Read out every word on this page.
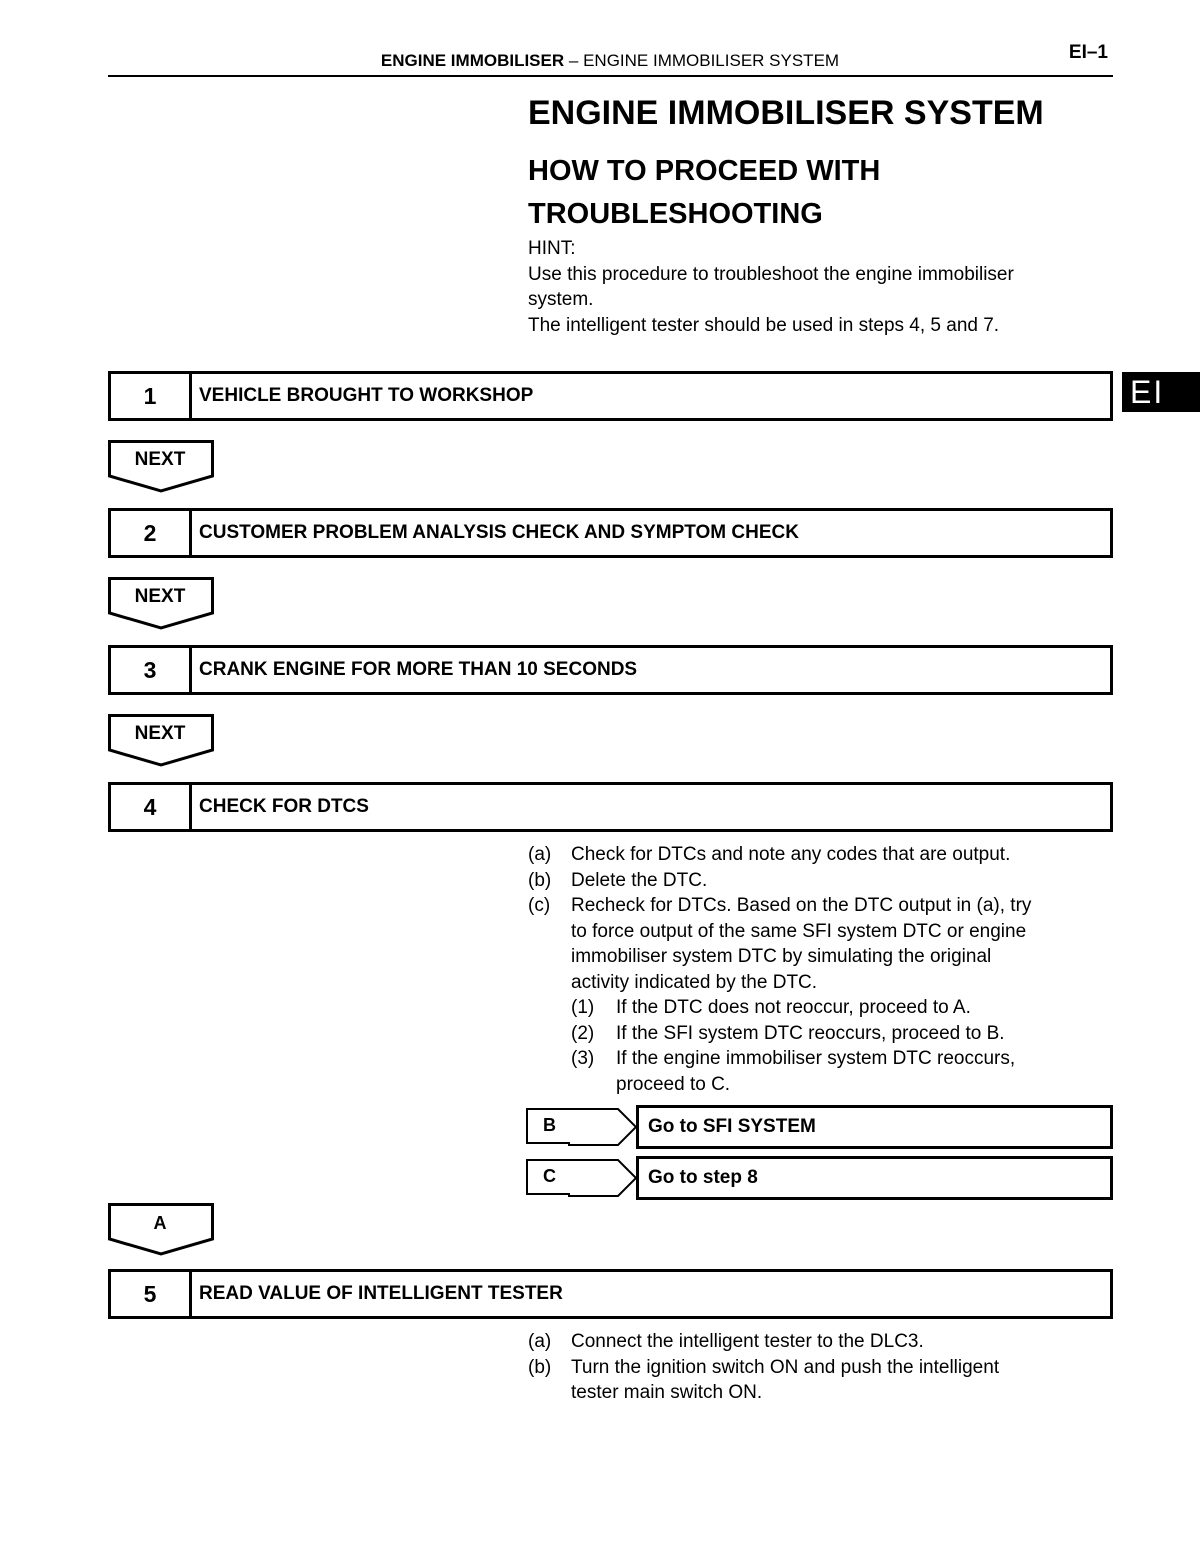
ENGINE IMMOBILISER – ENGINE IMMOBILISER SYSTEM	EI–1
EI
ENGINE IMMOBILISER SYSTEM
HOW TO PROCEED WITH
TROUBLESHOOTING
HINT:
Use this procedure to troubleshoot the engine immobiliser
system.
The intelligent tester should be used in steps 4, 5 and 7.
1	VEHICLE BROUGHT TO WORKSHOP
NEXT
2	CUSTOMER PROBLEM ANALYSIS CHECK AND SYMPTOM CHECK
NEXT
3	CRANK ENGINE FOR MORE THAN 10 SECONDS
NEXT
4	CHECK FOR DTCS
(a) Check for DTCs and note any codes that are output.
(b) Delete the DTC.
(c) Recheck for DTCs. Based on the DTC output in (a), try
to force output of the same SFI system DTC or engine
immobiliser system DTC by simulating the original
activity indicated by the DTC.
(1) If the DTC does not reoccur, proceed to A.
(2) If the SFI system DTC reoccurs, proceed to B.
(3) If the engine immobiliser system DTC reoccurs,
proceed to C.
B	Go to SFI SYSTEM
C	Go to step 8
A
5	READ VALUE OF INTELLIGENT TESTER
(a) Connect the intelligent tester to the DLC3.
(b) Turn the ignition switch ON and push the intelligent
tester main switch ON.
